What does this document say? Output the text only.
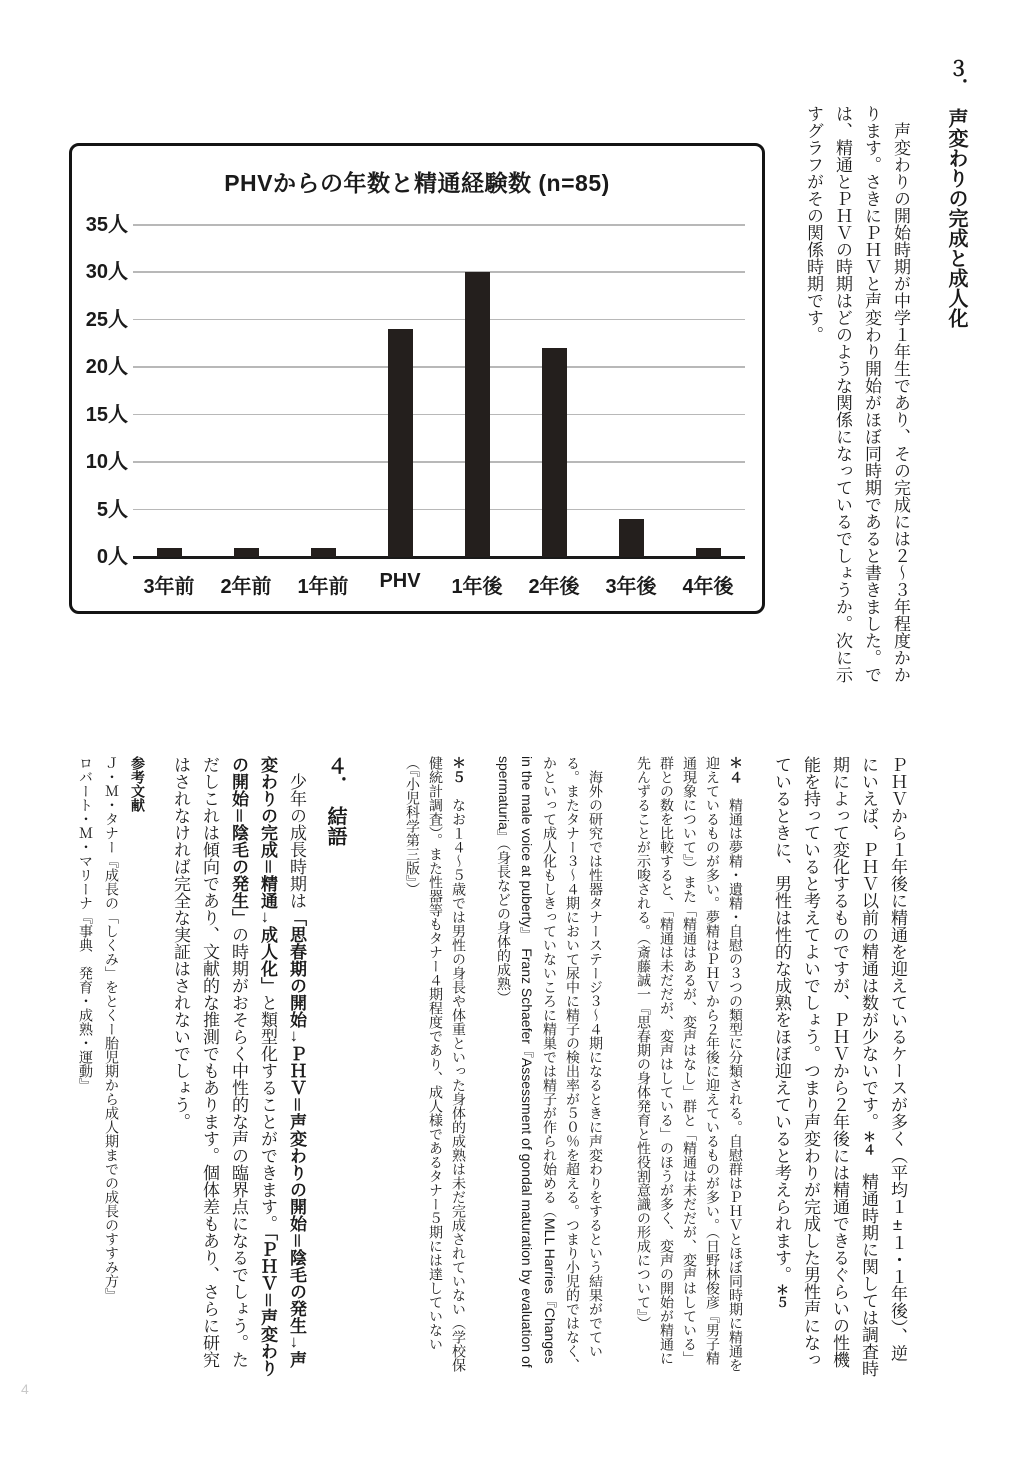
３．　声変わりの完成と成人化

　声変わりの開始時期が中学１年生であり、その完成には２～３年程度かかります。さきにＰＨＶと声変わり開始がほぼ同時期であると書きました。では、精通とＰＨＶの時期はどのような関係になっているでしょうか。次に示すグラフがその関係時期です。

PHVからの年数と精通経験数 (n=85)
0人
5人
10人
15人
20人
25人
30人
35人
3年前	2年前	1年前	PHV	1年後	2年後	3年後	4年後

ＰＨＶから１年後に精通を迎えているケースが多く（平均１±１・１年後）、逆にいえば、ＰＨＶ以前の精通は数が少ないです。＊４　精通時期に関しては調査時期によって変化するものですが、ＰＨＶから２年後には精通できるぐらいの性機能を持っていると考えてよいでしょう。つまり声変わりが完成した男性声になっているときに、男性は性的な成熟をほぼ迎えていると考えられます。＊５

＊４　精通は夢精・遺精・自慰の３つの類型に分類される。自慰群はＰＨＶとほぼ同時期に精通を迎えているものが多い。夢精はＰＨＶから２年後に迎えているものが多い。（日野林俊彦『男子精通現象について』）また「精通はあるが、変声はなし」群と「精通は未だだが、変声はしている」群との数を比較すると、「精通は未だだが、変声はしている」のほうが多く、変声の開始が精通に先んずることが示唆される。（斎藤誠一『思春期の身体発育と性役割意識の形成について』）

　海外の研究では性器タナーステージ３～４期になるときに声変わりをするという結果がでている。またタナー３～４期において尿中に精子の検出率が５０％を超える。つまり小児的ではなく、かといって成人化もしきっていないころに精巣では精子が作られ始める（MLL Harries『Changes in the male voice at puberty』　Franz Schaefer『Assessment of gondal maturation by evaluation of spermaturia』（身長などの身体的成熟）

＊５　なお１４～５歳では男性の身長や体重といった身体的成熟は未だ完成されていない（学校保健統計調査）。また性器等もタナー４期程度であり、成人様であるタナー５期には達していない（『小児科学第三版』）

４．　結語

　少年の成長時期は「思春期の開始→ＰＨＶ＝声変わりの開始＝陰毛の発生→声変わりの完成＝精通→成人化」と類型化することができます。「ＰＨＶ＝声変わりの開始＝陰毛の発生」の時期がおそらく中性的な声の臨界点になるでしょう。ただしこれは傾向であり、文献的な推測でもあります。個体差もあり、さらに研究はされなければ完全な実証はされないでしょう。

参考文献

Ｊ・Ｍ・タナー『成長の「しくみ」をとくー胎児期から成人期までの成長のすすみ方』

ロバート・Ｍ・マリーナ『事典　発育・成熟・運動』

4
